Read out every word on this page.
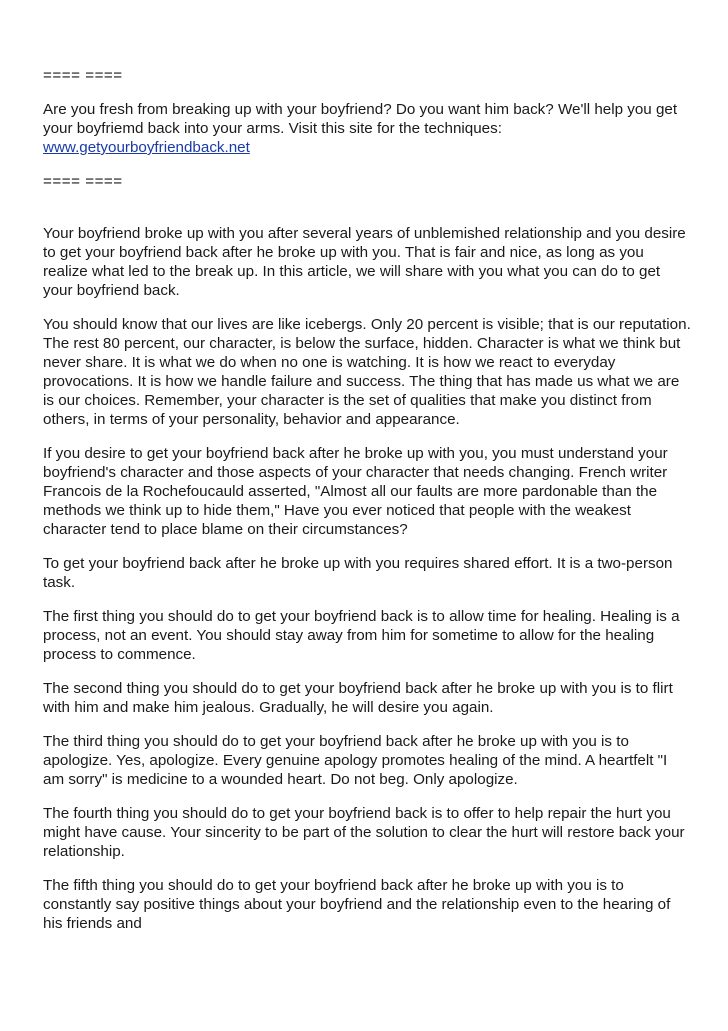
==== ====

Are you fresh from breaking up with your boyfriend? Do you want him back? We'll help you get
your boyfriemd back into your arms. Visit this site for the techniques:
www.getyourboyfriendback.net

==== ====

Your boyfriend broke up with you after several years of unblemished relationship and you desire to get your boyfriend back after he broke up with you. That is fair and nice, as long as you realize what led to the break up. In this article, we will share with you what you can do to get your boyfriend back.

You should know that our lives are like icebergs. Only 20 percent is visible; that is our reputation. The rest 80 percent, our character, is below the surface, hidden. Character is what we think but never share. It is what we do when no one is watching. It is how we react to everyday provocations. It is how we handle failure and success. The thing that has made us what we are is our choices. Remember, your character is the set of qualities that make you distinct from others, in terms of your personality, behavior and appearance.

If you desire to get your boyfriend back after he broke up with you, you must understand your boyfriend's character and those aspects of your character that needs changing. French writer Francois de la Rochefoucauld asserted, "Almost all our faults are more pardonable than the methods we think up to hide them," Have you ever noticed that people with the weakest character tend to place blame on their circumstances?

To get your boyfriend back after he broke up with you requires shared effort. It is a two-person task.

The first thing you should do to get your boyfriend back is to allow time for healing. Healing is a process, not an event. You should stay away from him for sometime to allow for the healing process to commence.

The second thing you should do to get your boyfriend back after he broke up with you is to flirt with him and make him jealous. Gradually, he will desire you again.

The third thing you should do to get your boyfriend back after he broke up with you is to apologize. Yes, apologize. Every genuine apology promotes healing of the mind. A heartfelt "I am sorry" is medicine to a wounded heart. Do not beg. Only apologize.

The fourth thing you should do to get your boyfriend back is to offer to help repair the hurt you might have cause. Your sincerity to be part of the solution to clear the hurt will restore back your relationship.

The fifth thing you should do to get your boyfriend back after he broke up with you is to constantly say positive things about your boyfriend and the relationship even to the hearing of his friends and
